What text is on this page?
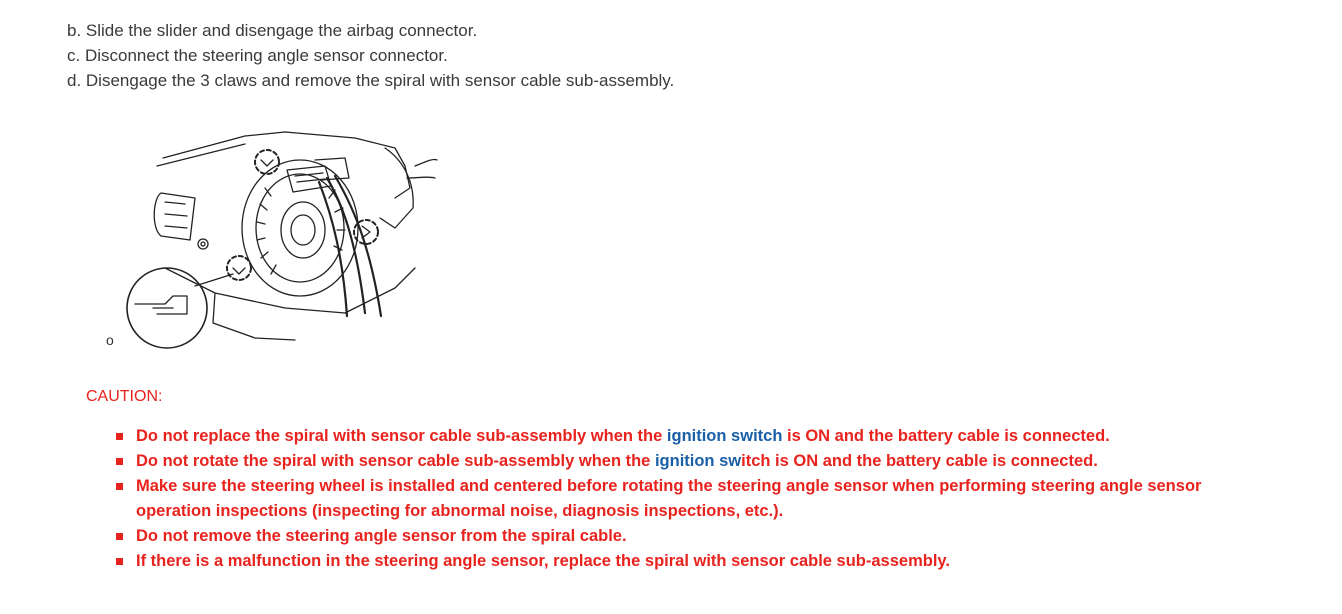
b. Slide the slider and disengage the airbag connector.
c. Disconnect the steering angle sensor connector.
d. Disengage the 3 claws and remove the spiral with sensor cable sub-assembly.
o
CAUTION:
Do not replace the spiral with sensor cable sub-assembly when the ignition switch is ON and the battery cable is connected.
Do not rotate the spiral with sensor cable sub-assembly when the ignition switch is ON and the battery cable is connected.
Make sure the steering wheel is installed and centered before rotating the steering angle sensor when performing steering angle sensor operation inspections (inspecting for abnormal noise, diagnosis inspections, etc.).
Do not remove the steering angle sensor from the spiral cable.
If there is a malfunction in the steering angle sensor, replace the spiral with sensor cable sub-assembly.
